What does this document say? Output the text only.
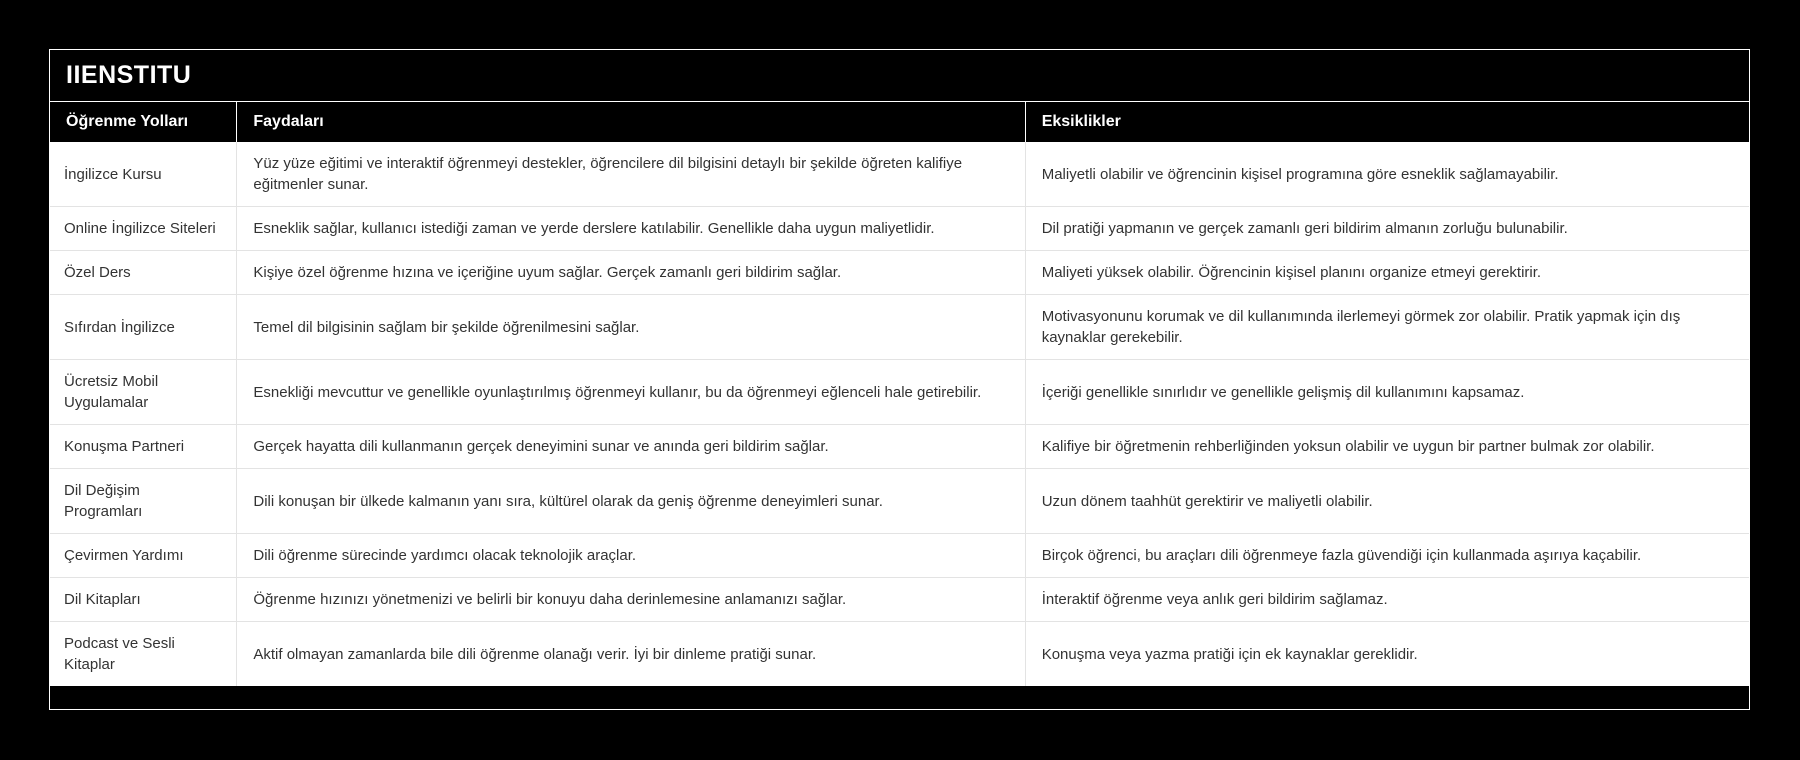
IIENSTITU
Öğrenme Yolları	Faydaları	Eksiklikler
İngilizce Kursu	Yüz yüze eğitimi ve interaktif öğrenmeyi destekler, öğrencilere dil bilgisini detaylı bir şekilde öğreten kalifiye eğitmenler sunar.	Maliyetli olabilir ve öğrencinin kişisel programına göre esneklik sağlamayabilir.
Online İngilizce Siteleri	Esneklik sağlar, kullanıcı istediği zaman ve yerde derslere katılabilir. Genellikle daha uygun maliyetlidir.	Dil pratiği yapmanın ve gerçek zamanlı geri bildirim almanın zorluğu bulunabilir.
Özel Ders	Kişiye özel öğrenme hızına ve içeriğine uyum sağlar. Gerçek zamanlı geri bildirim sağlar.	Maliyeti yüksek olabilir. Öğrencinin kişisel planını organize etmeyi gerektirir.
Sıfırdan İngilizce	Temel dil bilgisinin sağlam bir şekilde öğrenilmesini sağlar.	Motivasyonunu korumak ve dil kullanımında ilerlemeyi görmek zor olabilir. Pratik yapmak için dış kaynaklar gerekebilir.
Ücretsiz Mobil Uygulamalar	Esnekliği mevcuttur ve genellikle oyunlaştırılmış öğrenmeyi kullanır, bu da öğrenmeyi eğlenceli hale getirebilir.	İçeriği genellikle sınırlıdır ve genellikle gelişmiş dil kullanımını kapsamaz.
Konuşma Partneri	Gerçek hayatta dili kullanmanın gerçek deneyimini sunar ve anında geri bildirim sağlar.	Kalifiye bir öğretmenin rehberliğinden yoksun olabilir ve uygun bir partner bulmak zor olabilir.
Dil Değişim Programları	Dili konuşan bir ülkede kalmanın yanı sıra, kültürel olarak da geniş öğrenme deneyimleri sunar.	Uzun dönem taahhüt gerektirir ve maliyetli olabilir.
Çevirmen Yardımı	Dili öğrenme sürecinde yardımcı olacak teknolojik araçlar.	Birçok öğrenci, bu araçları dili öğrenmeye fazla güvendiği için kullanmada aşırıya kaçabilir.
Dil Kitapları	Öğrenme hızınızı yönetmenizi ve belirli bir konuyu daha derinlemesine anlamanızı sağlar.	İnteraktif öğrenme veya anlık geri bildirim sağlamaz.
Podcast ve Sesli Kitaplar	Aktif olmayan zamanlarda bile dili öğrenme olanağı verir. İyi bir dinleme pratiği sunar.	Konuşma veya yazma pratiği için ek kaynaklar gereklidir.
